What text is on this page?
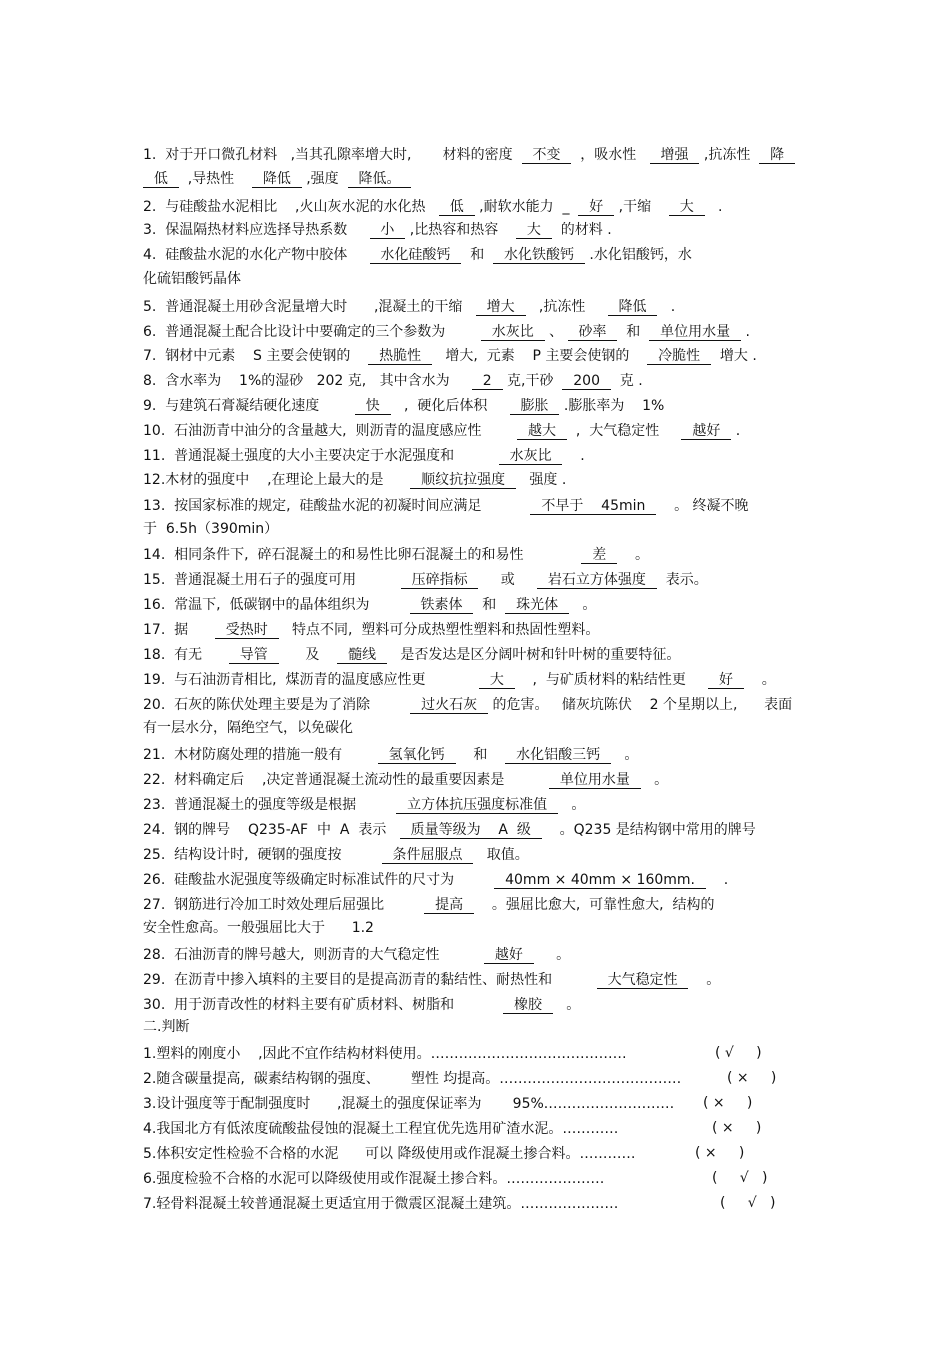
1.  对于开口微孔材料   ,当其孔隙率增大时,       材料的密度    不变    ，吸水性     增强   ,抗冻性    降
低    ,导热性      降低   ,强度    降低。
2.  与硅酸盐水泥相比    ,火山灰水泥的水化热     低   ,耐软水能力  _    好   ,干缩      大     .
3.  保温隔热材料应选择导热系数       小   ,比热容和热容      大    的材料 .
4.  硅酸盐水泥的水化产物中胶体       水化硅酸钙    和    水化铁酸钙   .水化铝酸钙，水
化硫铝酸钙晶体
5.  普通混凝土用砂含泥量增大时      ,混凝土的干缩     增大     ,抗冻性       降低     .
6.  普通混凝土配合比设计中要确定的三个参数为          水灰比   、   砂率    和    单位用水量   .
7.  钢材中元素    S 主要会使钢的      热脆性     增大,  元素    P 主要会使钢的      冷脆性    增大 .
8.  含水率为    1%的湿砂   202 克,   其中含水为       2   克,干砂    200    克 .
9.  与建筑石膏凝结硬化速度          快     ,  硬化后体积       膨胀   .膨胀率为    1%
10.  石油沥青中油分的含量越大,  则沥青的温度感应性          越大    ,  大气稳定性       越好   .
11.  普通混凝土强度的大小主要决定于水泥强度和            水灰比      .
12.木材的强度中    ,在理论上最大的是        顺纹抗拉强度     强度 .
13.  按国家标准的规定,  硅酸盐水泥的初凝时间应满足             不早于    45min      。 终凝不晚
于  6.5h（390min）
14.  相同条件下,  碎石混凝土的和易性比卵石混凝土的和易性               差      。
15.  普通混凝土用石子的强度可用            压碎指标       或       岩石立方体强度    表示。
16.  常温下,  低碳钢中的晶体组织为           铁素体    和    珠光体     。
17.  据        受热时     特点不同,  塑料可分成热塑性塑料和热固性塑料。
18.  有无        导管        及      髓线     是否发达是区分阔叶树和针叶树的重要特征。
19.  与石油沥青相比,  煤沥青的温度感应性更              大      ,  与矿质材料的粘结性更       好      。
20.  石灰的陈伏处理主要是为了消除           过火石灰   的危害。   储灰坑陈伏    2 个星期以上,      表面
有一层水分，隔绝空气，以免碳化
21.  木材防腐处理的措施一般有          氢氧化钙      和      水化铝酸三钙     。
22.  材料确定后    ,决定普通混凝土流动性的最重要因素是            单位用水量     。
23.  普通混凝土的强度等级是根据           立方体抗压强度标准值     。
24.  钢的牌号    Q235-AF  中  A  表示     质量等级为    A  级      。Q235 是结构钢中常用的牌号
25.  结构设计时,  硬钢的强度按           条件屈服点     取值。
26.  硅酸盐水泥强度等级确定时标准试件的尺寸为           40mm × 40mm × 160mm.      .
27.  钢筋进行冷加工时效处理后屈强比           提高      。强屈比愈大,  可靠性愈大,  结构的
安全性愈高。一般强屈比大于      1.2
28.  石油沥青的牌号越大,  则沥青的大气稳定性            越好       。
29.  在沥青中掺入填料的主要目的是提高沥青的黏结性、耐热性和            大气稳定性      。
30.  用于沥青改性的材料主要有矿质材料、树脂和             橡胶     。
二.判断
1.塑料的刚度小    ,因此不宜作结构材料使用。……………………………………	( √     )
2.随含碳量提高,  碳素结构钢的强度、       塑性 均提高。…………………………………	( ×     )
3.设计强度等于配制强度时      ,混凝土的强度保证率为       95%.………………………	( ×     )
4.我国北方有低浓度硫酸盐侵蚀的混凝土工程宜优先选用矿渣水泥。…………	( ×     )
5.体积安定性检验不合格的水泥      可以 降级使用或作混凝土掺合料。…………	( ×     )
6.强度检验不合格的水泥可以降级使用或作混凝土掺合料。…………………	(     √   )
7.轻骨料混凝土较普通混凝土更适宜用于微震区混凝土建筑。…………………	(     √   )
